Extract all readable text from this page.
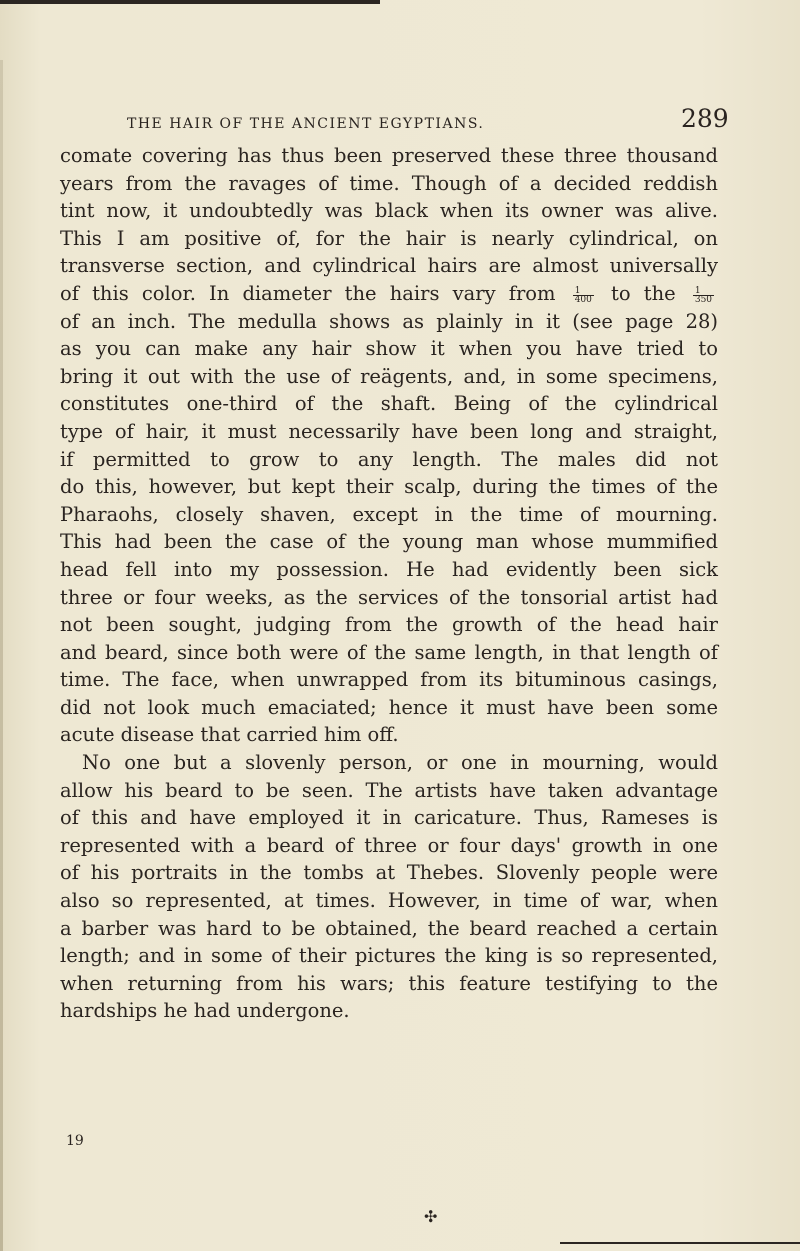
THE HAIR OF THE ANCIENT EGYPTIANS.	289
comate covering has thus been preserved these three thousand
years from the ravages of time. Though of a decided reddish
tint now, it undoubtedly was black when its owner was alive.
This I am positive of, for the hair is nearly cylindrical, on
transverse section, and cylindrical hairs are almost universally
of this color. In diameter the hairs vary from $\frac{1}{400}$ to the $\frac{1}{350}$
of an inch. The medulla shows as plainly in it (see page 28)
as you can make any hair show it when you have tried to
bring it out with the use of reägents, and, in some specimens,
constitutes one-third of the shaft. Being of the cylindrical
type of hair, it must necessarily have been long and straight,
if permitted to grow to any length. The males did not
do this, however, but kept their scalp, during the times of the
Pharaohs, closely shaven, except in the time of mourning.
This had been the case of the young man whose mummified
head fell into my possession. He had evidently been sick
three or four weeks, as the services of the tonsorial artist had
not been sought, judging from the growth of the head hair
and beard, since both were of the same length, in that length of
time. The face, when unwrapped from its bituminous casings,
did not look much emaciated; hence it must have been some
acute disease that carried him off.
No one but a slovenly person, or one in mourning, would
allow his beard to be seen. The artists have taken advantage
of this and have employed it in caricature. Thus, Rameses is
represented with a beard of three or four days' growth in one
of his portraits in the tombs at Thebes. Slovenly people were
also so represented, at times. However, in time of war, when
a barber was hard to be obtained, the beard reached a certain
length; and in some of their pictures the king is so represented,
when returning from his wars; this feature testifying to the
hardships he had undergone.
19
✣
